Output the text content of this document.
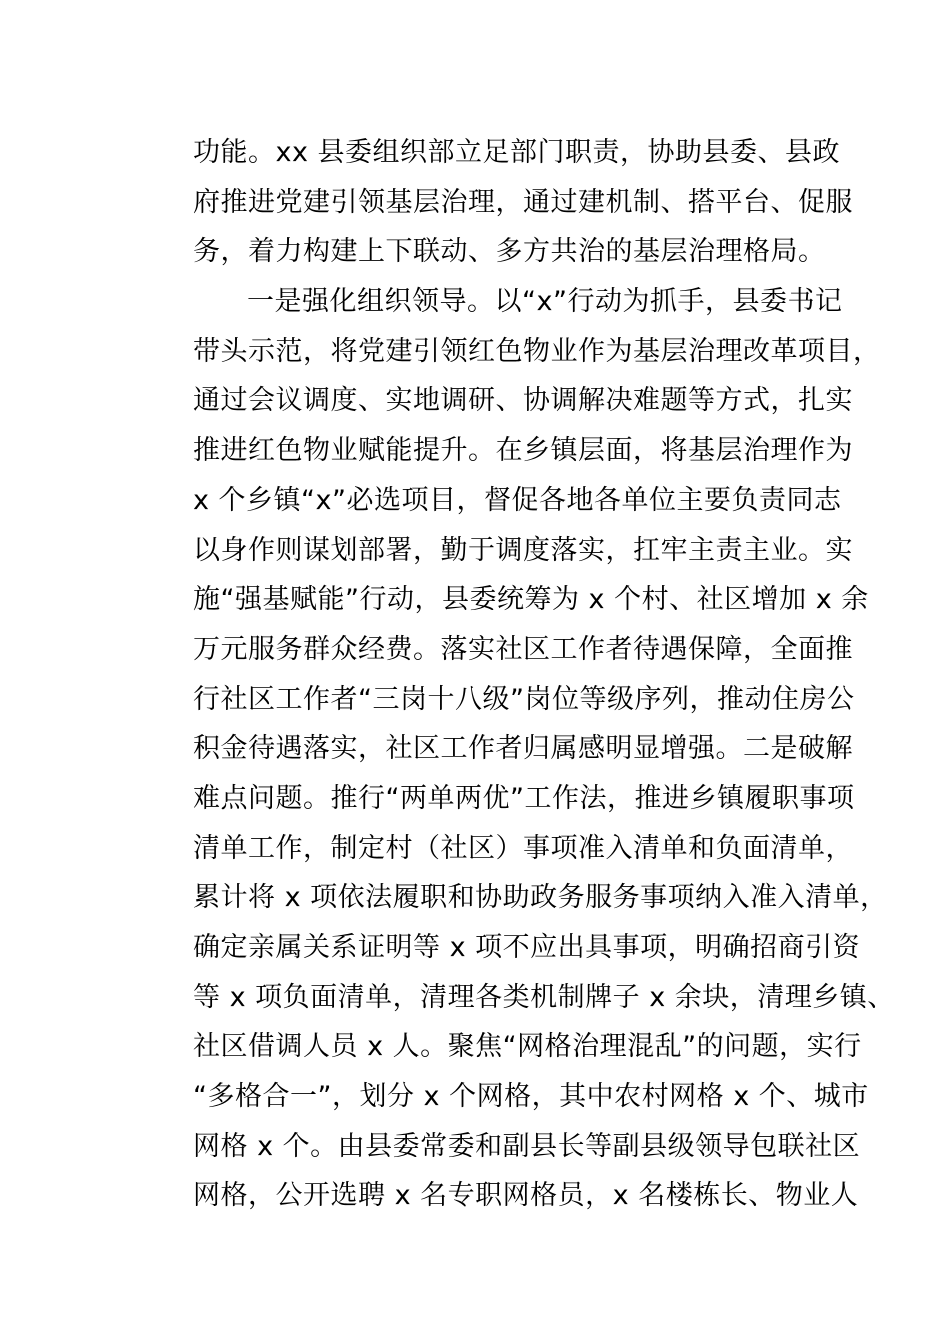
功能。xx 县委组织部立足部门职责，协助县委、县政
府推进党建引领基层治理，通过建机制、搭平台、促服
务，着力构建上下联动、多方共治的基层治理格局。
一是强化组织领导。以“x”行动为抓手，县委书记
带头示范，将党建引领红色物业作为基层治理改革项目，
通过会议调度、实地调研、协调解决难题等方式，扎实
推进红色物业赋能提升。在乡镇层面，将基层治理作为
x 个乡镇“x”必选项目，督促各地各单位主要负责同志
以身作则谋划部署，勤于调度落实，扛牢主责主业。实
施“强基赋能”行动，县委统筹为 x 个村、社区增加 x 余
万元服务群众经费。落实社区工作者待遇保障，全面推
行社区工作者“三岗十八级”岗位等级序列，推动住房公
积金待遇落实，社区工作者归属感明显增强。二是破解
难点问题。推行“两单两优”工作法，推进乡镇履职事项
清单工作，制定村（社区）事项准入清单和负面清单，
累计将 x 项依法履职和协助政务服务事项纳入准入清单，
确定亲属关系证明等 x 项不应出具事项，明确招商引资
等 x 项负面清单，清理各类机制牌子 x 余块，清理乡镇、
社区借调人员 x 人。聚焦“网格治理混乱”的问题，实行
“多格合一”，划分 x 个网格，其中农村网格 x 个、城市
网格 x 个。由县委常委和副县长等副县级领导包联社区
网格，公开选聘 x 名专职网格员，x 名楼栋长、物业人
